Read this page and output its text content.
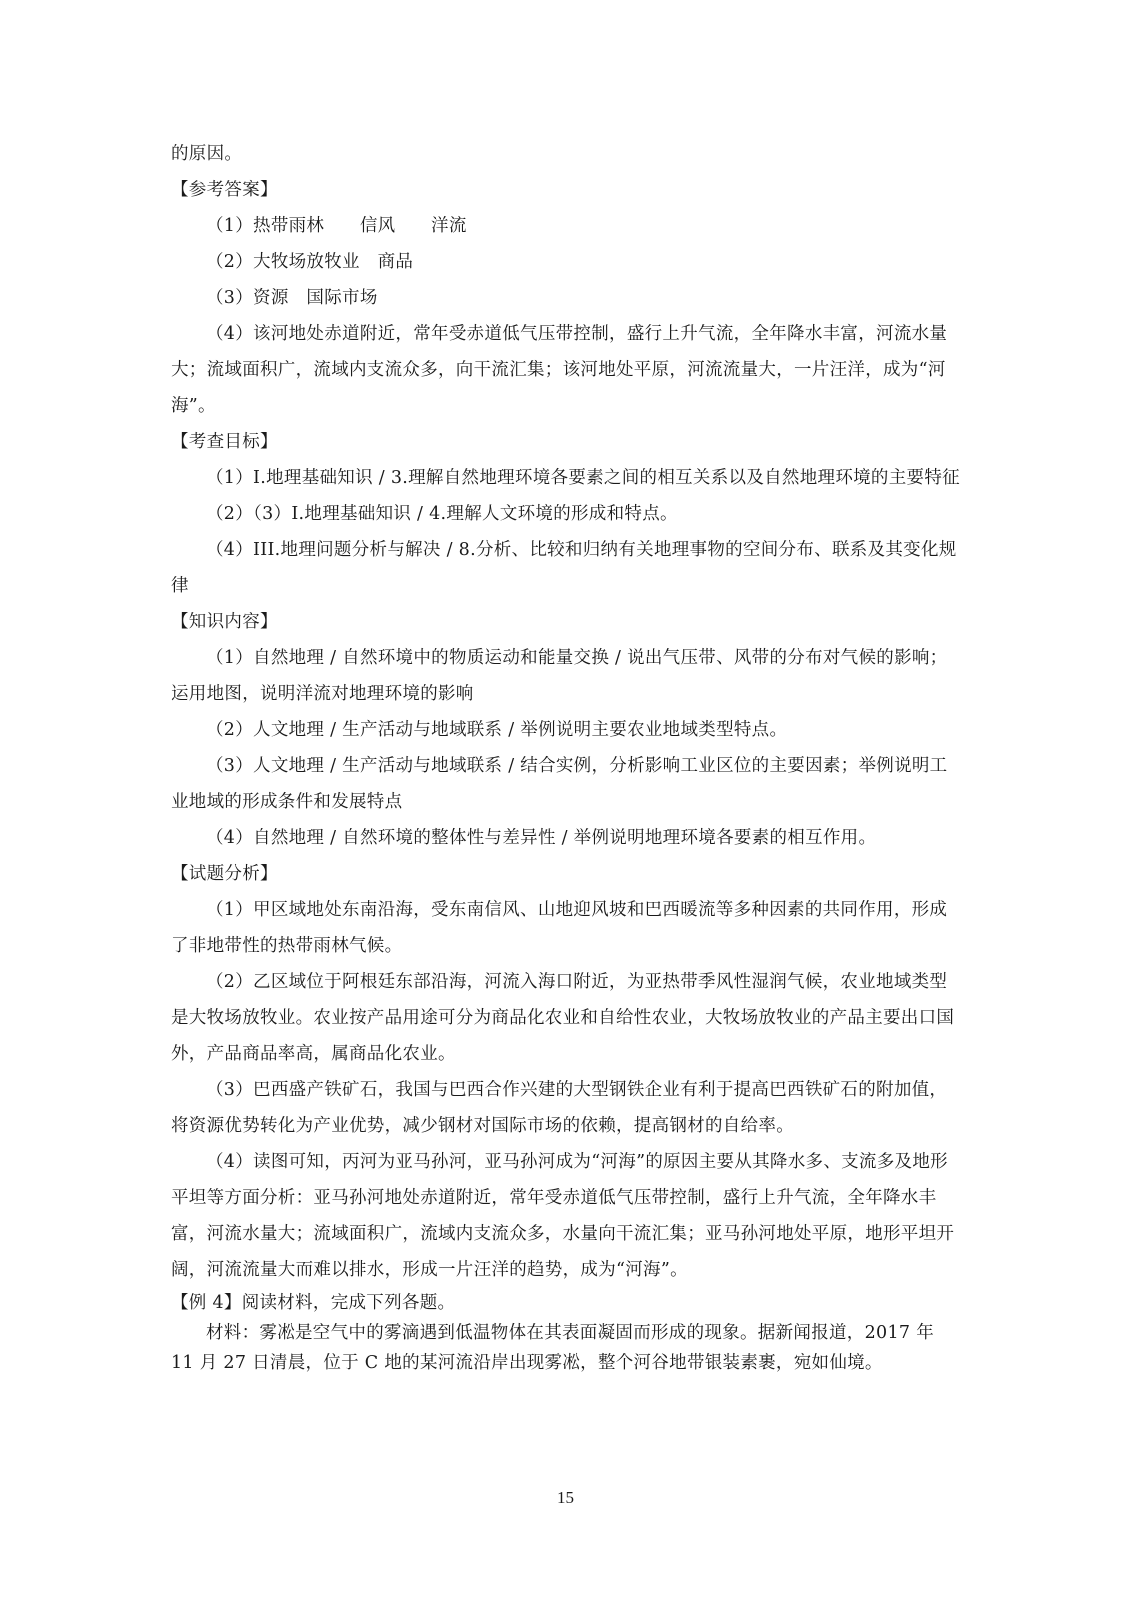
的原因。

【参考答案】

（1）热带雨林　　信风　　洋流

（2）大牧场放牧业　商品

（3）资源　国际市场

（4）该河地处赤道附近，常年受赤道低气压带控制，盛行上升气流，全年降水丰富，河流水量大；流域面积广，流域内支流众多，向干流汇集；该河地处平原，河流流量大，一片汪洋，成为“河海”。

【考查目标】

（1）I.地理基础知识 / 3.理解自然地理环境各要素之间的相互关系以及自然地理环境的主要特征

（2）（3）I.地理基础知识 / 4.理解人文环境的形成和特点。

（4）III.地理问题分析与解决 / 8.分析、比较和归纳有关地理事物的空间分布、联系及其变化规律

【知识内容】

（1）自然地理 / 自然环境中的物质运动和能量交换 / 说出气压带、风带的分布对气候的影响；运用地图，说明洋流对地理环境的影响

（2）人文地理 / 生产活动与地域联系 / 举例说明主要农业地域类型特点。

（3）人文地理 / 生产活动与地域联系 / 结合实例，分析影响工业区位的主要因素；举例说明工业地域的形成条件和发展特点

（4）自然地理 / 自然环境的整体性与差异性 / 举例说明地理环境各要素的相互作用。

【试题分析】

（1）甲区域地处东南沿海，受东南信风、山地迎风坡和巴西暖流等多种因素的共同作用，形成了非地带性的热带雨林气候。

（2）乙区域位于阿根廷东部沿海，河流入海口附近，为亚热带季风性湿润气候，农业地域类型是大牧场放牧业。农业按产品用途可分为商品化农业和自给性农业，大牧场放牧业的产品主要出口国外，产品商品率高，属商品化农业。

（3）巴西盛产铁矿石，我国与巴西合作兴建的大型钢铁企业有利于提高巴西铁矿石的附加值，将资源优势转化为产业优势，减少钢材对国际市场的依赖，提高钢材的自给率。

（4）读图可知，丙河为亚马孙河，亚马孙河成为“河海”的原因主要从其降水多、支流多及地形平坦等方面分析：亚马孙河地处赤道附近，常年受赤道低气压带控制，盛行上升气流，全年降水丰富，河流水量大；流域面积广，流域内支流众多，水量向干流汇集；亚马孙河地处平原，地形平坦开阔，河流流量大而难以排水，形成一片汪洋的趋势，成为“河海”。

【例 4】阅读材料，完成下列各题。

材料：雾凇是空气中的雾滴遇到低温物体在其表面凝固而形成的现象。据新闻报道，2017 年 11 月 27 日清晨，位于 C 地的某河流沿岸出现雾凇，整个河谷地带银装素裹，宛如仙境。

15
